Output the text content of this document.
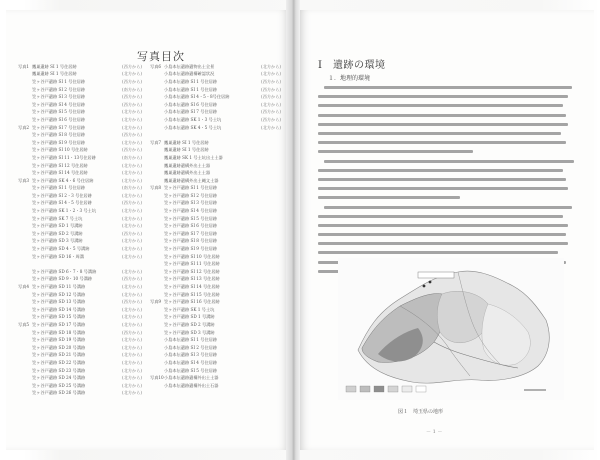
写真目次
写真1 鷹巣遺跡 SI 1 号住居跡	(西方から)	写真6 小島本伝遺跡遺物出土全景	(北方から)
鷹巣遺跡 SI 1 号住居跡	(北方から)	小島本伝遺跡遺構確認状況	(北方から)
笠ヶ谷戸遺跡 SI 1 号住居跡	(西方から)	小島本伝遺跡 SI 1 号住居跡	(西方から)
笠ヶ谷戸遺跡 SI 2 号住居跡	(南方から)	小島本伝遺跡 SI 1 号住居跡	(西方から)
笠ヶ谷戸遺跡 SI 3 号住居跡	(西方から)	小島本伝遺跡 SI 4・5・8号住居跡	(西方から)
笠ヶ谷戸遺跡 SI 4 号住居跡	(西方から)	小島本伝遺跡 SI 6 号住居跡	(北方から)
笠ヶ谷戸遺跡 SI 5 号住居跡	(北方から)	小島本伝遺跡 SI 7 号住居跡	(西方から)
笠ヶ谷戸遺跡 SI 6 号住居跡	(北方から)	小島本伝遺跡 SK 1・3 号土坑	(西方から)
写真2 笠ヶ谷戸遺跡 SI 7 号住居跡	(北方から)	小島本伝遺跡 SK 4・5 号土坑	(北方から)
笠ヶ谷戸遺跡 SI 8 号住居跡	(西方から)
笠ヶ谷戸遺跡 SI 9 号住居跡	(北方から)	写真7 鷹巣遺跡 SI 1 号住居跡
笠ヶ谷戸遺跡 SI 10 号住居跡	(西方から)	鷹巣遺跡 SI 1 号住居跡
笠ヶ谷戸遺跡 SI 11・13号住居跡	(南方から)	鷹巣遺跡 SK 1 号土坑出土土器
笠ヶ谷戸遺跡 SI 12 号住居跡	(北方から)	鷹巣遺跡遺構外出土土器
笠ヶ谷戸遺跡 SI 14 号住居跡	(北方から)	鷹巣遺跡遺構外出土土器
写真3 笠ヶ谷戸遺跡 SK 4・6 号住居跡	(北方から)	鷹巣遺跡遺構外出土縄文土器
笠ヶ谷戸遺跡 SI 1 号住居跡	(南方から)	写真8 笠ヶ谷戸遺跡 SI 1 号住居跡
笠ヶ谷戸遺跡 SI 2・3 号住居跡	(北方から)	笠ヶ谷戸遺跡 SI 2 号住居跡
笠ヶ谷戸遺跡 SI 4・5 号住居跡	(西方から)	笠ヶ谷戸遺跡 SI 3 号住居跡
笠ヶ谷戸遺跡 SK 1・2・3 号土坑	(北方から)	笠ヶ谷戸遺跡 SI 4 号住居跡
笠ヶ谷戸遺跡 SK 7 号土坑	(北方から)	笠ヶ谷戸遺跡 SI 5 号住居跡
笠ヶ谷戸遺跡 SD 1 号溝跡	(北方から)	笠ヶ谷戸遺跡 SI 6 号住居跡
笠ヶ谷戸遺跡 SD 2 号溝跡	(西方から)	笠ヶ谷戸遺跡 SI 7 号住居跡
笠ヶ谷戸遺跡 SD 3 号溝跡	(北方から)	笠ヶ谷戸遺跡 SI 8 号住居跡
笠ヶ谷戸遺跡 SD 4・5 号溝跡	(北方から)	笠ヶ谷戸遺跡 SI 9 号住居跡
笠ヶ谷戸遺跡 SD 16・周溝	(北方から)	笠ヶ谷戸遺跡 SI 10 号住居跡
笠ヶ谷戸遺跡 SI 11 号住居跡
笠ヶ谷戸遺跡 SD 6・7・8 号溝跡	(北方から)	笠ヶ谷戸遺跡 SI 12 号住居跡
笠ヶ谷戸遺跡 SD 9・10 号溝跡	(西方から)	笠ヶ谷戸遺跡 SI 13 号住居跡
写真4 笠ヶ谷戸遺跡 SD 11 号溝跡	(北方から)	笠ヶ谷戸遺跡 SI 14 号住居跡
笠ヶ谷戸遺跡 SD 12 号溝跡	(北方から)	笠ヶ谷戸遺跡 SI 15 号住居跡
笠ヶ谷戸遺跡 SD 13 号溝跡	(西方から)	写真9 笠ヶ谷戸遺跡 SI 16 号住居跡
笠ヶ谷戸遺跡 SD 14 号溝跡	(北方から)	笠ヶ谷戸遺跡 SK 1 号土坑
笠ヶ谷戸遺跡 SD 15 号溝跡	(北方から)	笠ヶ谷戸遺跡 SD 1 号溝跡
写真5 笠ヶ谷戸遺跡 SD 17 号溝跡	(北方から)	笠ヶ谷戸遺跡 SD 2 号溝跡
笠ヶ谷戸遺跡 SD 18 号溝跡	(西方から)	笠ヶ谷戸遺跡 SD 3 号溝跡
笠ヶ谷戸遺跡 SD 19 号溝跡	(北方から)	小島本伝遺跡 SI 1 号住居跡
笠ヶ谷戸遺跡 SD 20 号溝跡	(北方から)	小島本伝遺跡 SI 2 号住居跡
笠ヶ谷戸遺跡 SD 21 号溝跡	(北方から)	小島本伝遺跡 SI 3 号住居跡
笠ヶ谷戸遺跡 SD 22 号溝跡	(北方から)	小島本伝遺跡 SI 4 号住居跡
笠ヶ谷戸遺跡 SD 23 号溝跡	(北方から)	小島本伝遺跡 SI 5 号住居跡
笠ヶ谷戸遺跡 SD 24 号溝跡	(北方から)	写真10 小島本伝遺跡遺構外出土土器
笠ヶ谷戸遺跡 SD 25 号溝跡	(北方から)	小島本伝遺跡遺構外出土石器
笠ヶ谷戸遺跡 SD 26 号溝跡	(北方から)
Ⅰ　遺跡の環境
１．地理的環境
図１　埼玉県の地形
－ 1 －
